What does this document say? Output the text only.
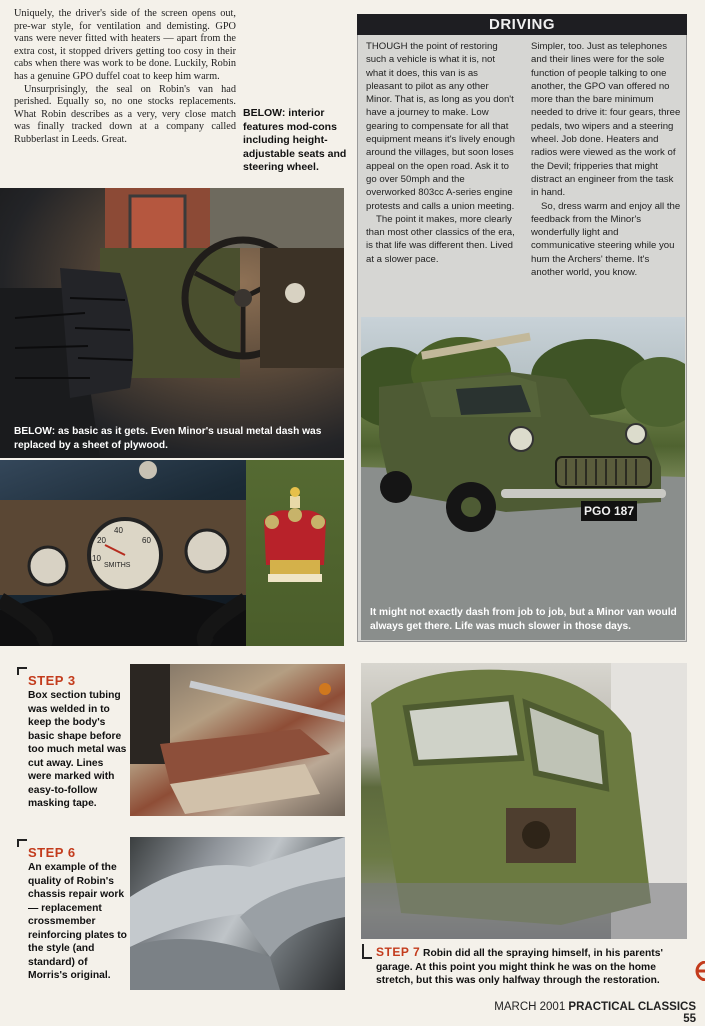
Uniquely, the driver's side of the screen opens out, pre-war style, for ventilation and demisting. GPO vans were never fitted with heaters — apart from the extra cost, it stopped drivers getting too cosy in their cabs when there was work to be done. Luckily, Robin has a genuine GPO duffel coat to keep him warm.

Unsurprisingly, the seal on Robin's van had perished. Equally so, no one stocks replacements. What Robin describes as a very, very close match was finally tracked down at a company called Rubberlast in Leeds. Great.

BELOW: interior features mod-cons including height-adjustable seats and steering wheel.
DRIVING

THOUGH the point of restoring such a vehicle is what it is, not what it does, this van is as pleasant to pilot as any other Minor. That is, as long as you don't have a journey to make. Low gearing to compensate for all that equipment means it's lively enough around the villages, but soon loses appeal on the open road. Ask it to go over 50mph and the overworked 803cc A-series engine protests and calls a union meeting.

The point it makes, more clearly than most other classics of the era, is that life was different then. Lived at a slower pace.

Simpler, too. Just as telephones and their lines were for the sole function of people talking to one another, the GPO van offered no more than the bare minimum needed to drive it: four gears, three pedals, two wipers and a steering wheel. Job done. Heaters and radios were viewed as the work of the Devil; fripperies that might distract an engineer from the task in hand.

So, dress warm and enjoy all the feedback from the Minor's wonderfully light and communicative steering while you hum the Archers' theme. It's another world, you know.

PGO 187
It might not exactly dash from job to job, but a Minor van would always get there. Life was much slower in those days.
BELOW: as basic as it gets. Even Minor's usual metal dash was replaced by a sheet of plywood.
40
20	60
10
SMITHS
STEP 3
Box section tubing was welded in to keep the body's basic shape before too much metal was cut away. Lines were marked with easy-to-follow masking tape.
STEP 6
An example of the quality of Robin's chassis repair work — replacement crossmember reinforcing plates to the style (and standard) of Morris's original.
STEP 7 Robin did all the spraying himself, in his parents' garage. At this point you might think he was on the home stretch, but this was only halfway through the restoration.
MARCH 2001 PRACTICAL CLASSICS 55
